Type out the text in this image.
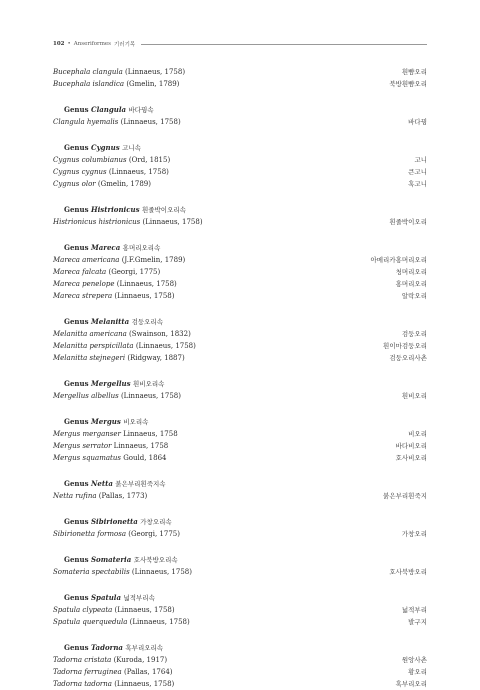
102 • Anseriformes 기러기목
Bucephala clangula (Linnaeus, 1758)	흰뺨오리
Bucephala islandica (Gmelin, 1789)	북방흰뺨오리
Genus Clangula 바다꿩속
Clangula hyemalis (Linnaeus, 1758)	바다꿩
Genus Cygnus 고니속
Cygnus columbianus (Ord, 1815)	고니
Cygnus cygnus (Linnaeus, 1758)	큰고니
Cygnus olor (Gmelin, 1789)	혹고니
Genus Histrionicus 흰줄박이오리속
Histrionicus histrionicus (Linnaeus, 1758)	흰줄박이오리
Genus Mareca 홍머리오리속
Mareca americana (J.F.Gmelin, 1789)	아메리카홍머리오리
Mareca falcata (Georgi, 1775)	청머리오리
Mareca penelope (Linnaeus, 1758)	홍머리오리
Mareca strepera (Linnaeus, 1758)	알락오리
Genus Melanitta 검둥오리속
Melanitta americana (Swainson, 1832)	검둥오리
Melanitta perspicillata (Linnaeus, 1758)	흰이마검둥오리
Melanitta stejnegeri (Ridgway, 1887)	검둥오리사촌
Genus Mergellus 흰비오리속
Mergellus albellus (Linnaeus, 1758)	흰비오리
Genus Mergus 비오리속
Mergus merganser Linnaeus, 1758	비오리
Mergus serrator Linnaeus, 1758	바다비오리
Mergus squamatus Gould, 1864	호사비오리
Genus Netta 붉은부리흰죽지속
Netta rufina (Pallas, 1773)	붉은부리흰죽지
Genus Sibirionetta 가창오리속
Sibirionetta formosa (Georgi, 1775)	가창오리
Genus Somateria 호사북방오리속
Somateria spectabilis (Linnaeus, 1758)	호사북방오리
Genus Spatula 넓적부리속
Spatula clypeata (Linnaeus, 1758)	넓적부리
Spatula querquedula (Linnaeus, 1758)	발구지
Genus Tadorna 혹부리오리속
Tadorna cristata (Kuroda, 1917)	원앙사촌
Tadorna ferruginea (Pallas, 1764)	황오리
Tadorna tadorna (Linnaeus, 1758)	혹부리오리
